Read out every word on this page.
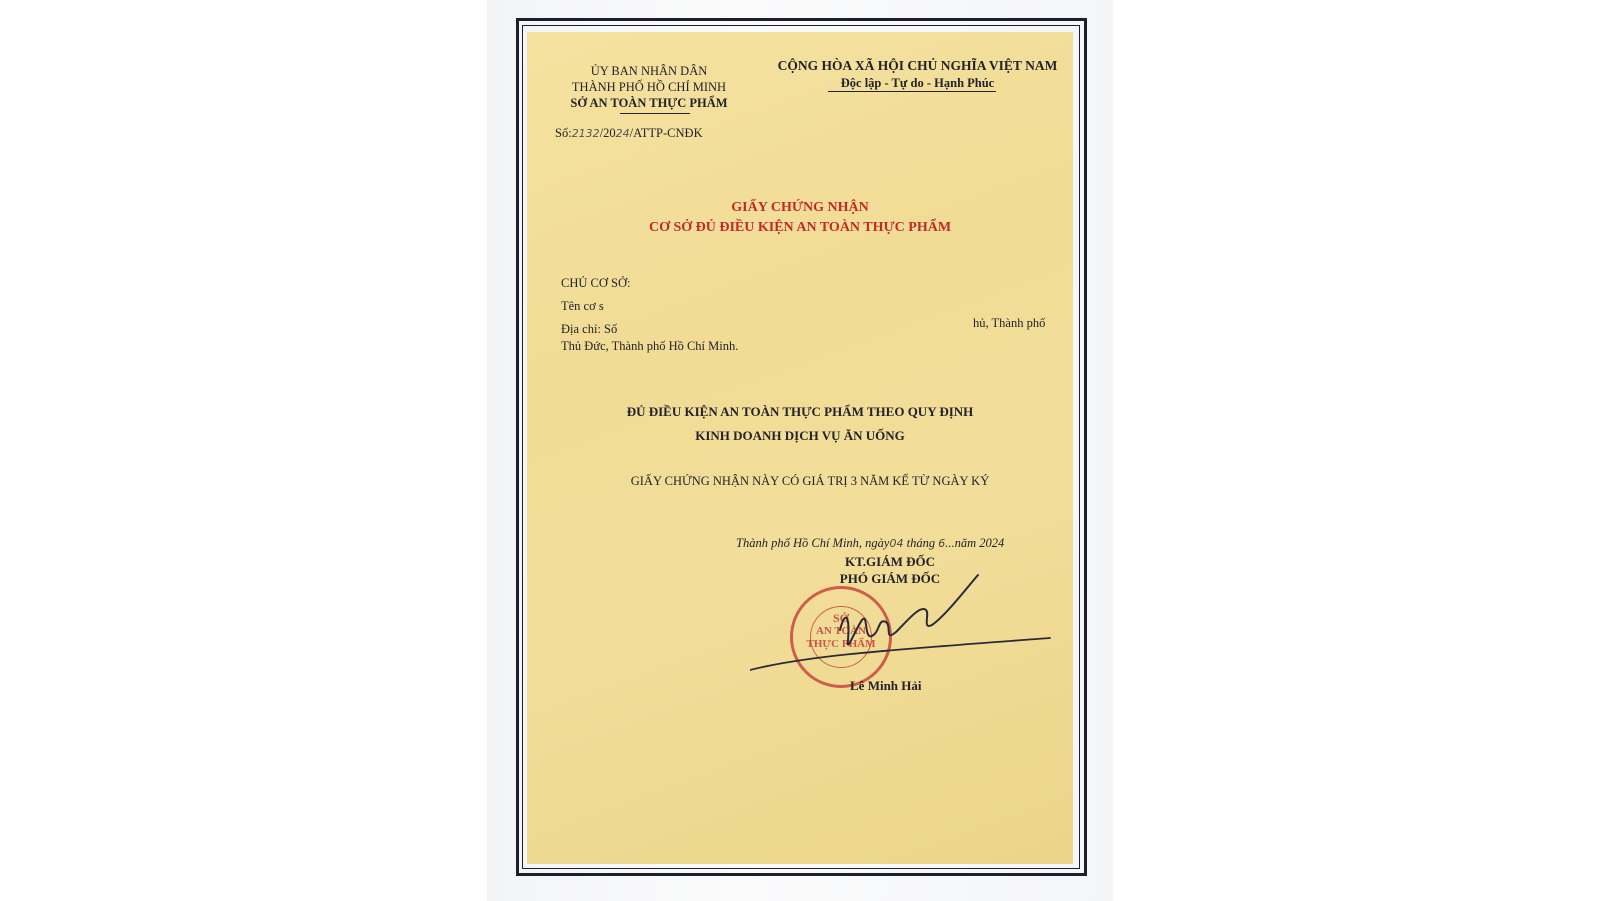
ỦY BAN NHÂN DÂN
THÀNH PHỐ HỒ CHÍ MINH
SỞ AN TOÀN THỰC PHẨM
CỘNG HÒA XÃ HỘI CHỦ NGHĨA VIỆT NAM
Độc lập - Tự do - Hạnh Phúc
Số:2132/2024/ATTP-CNĐK
GIẤY CHỨNG NHẬN
CƠ SỞ ĐỦ ĐIỀU KIỆN AN TOÀN THỰC PHẨM
CHỦ CƠ SỞ:
Tên cơ s
Địa chỉ: Số	hủ, Thành phố
Thủ Đức, Thành phố Hồ Chí Minh.
ĐỦ ĐIỀU KIỆN AN TOÀN THỰC PHẨM THEO QUY ĐỊNH
KINH DOANH DỊCH VỤ ĂN UỐNG
GIẤY CHỨNG NHẬN NÀY CÓ GIÁ TRỊ 3 NĂM KỂ TỪ NGÀY KÝ
Thành phố Hồ Chí Minh, ngày04 tháng 6...năm 2024
KT.GIÁM ĐỐC
PHÓ GIÁM ĐỐC
SỞ
AN TOÀN
THỰC PHẨM
Lê Minh Hải
